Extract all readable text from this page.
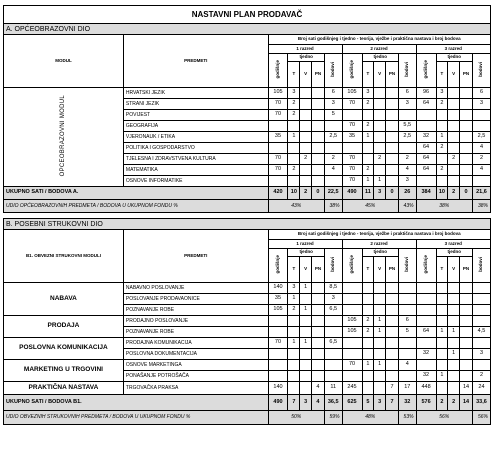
NASTAVNI PLAN PRODAVAČ																
A. OPĆEOBRAZOVNI DIO																
MODUL	PREDMETI	Broj sati godišnjeg i tjedno - teorija, vježbe i praktična nastava i broj bodova														
		1 razred					2 razred					3 razred				
		godišnje	tjedno			bodovi	godišnje	tjedno			bodovi	godišnje	tjedno			bodovi
			T	V	PN			T	V	PN			T	V	PN	
OPĆEOBRAZOVNI MODUL	HRVATSKI JEZIK	105	3			6	105	3			6	96	3			6
	STRANI JEZIK	70	2			3	70	2			3	64	2			3
	POVIJEST	70	2			5										
	GEOGRAFIJA						70	2			5,5					
	VJERONAUK / ETIKA	35	1			2,5	35	1			2,5	32	1			2,5
	POLITIKA I GOSPODARSTVO											64	2			4
	TJELESNA I ZDRAVSTVENA KULTURA	70		2		2	70		2		2	64		2		2
	MATEMATIKA	70	2			4	70	2			4	64	2			4
	OSNOVE INFORMATIKE						70	1	1		3					
UKUPNO SATI / BODOVA A.		420	10	2	0	22,5	490	11	3	0	26	384	10	2	0	21,6
UDIO OPĆEOBRAZOVNIH PREDMETA / BODOVA U UKUPNOM FONDU %		43%				38%	45%				43%	38%				38%

B. POSEBNI STRUKOVNI DIO																
B1. OBVEZNI STRUKOVNI MODULI	PREDMETI	Broj sati godišnjeg i tjedno - teorija, vježbe i praktična nastava i broj bodova														
		1 razred					2 razred					3 razred				
		godišnje	tjedno			bodovi	godišnje	tjedno			bodovi	godišnje	tjedno			bodovi
			T	V	PN			T	V	PN			T	V	PN	
NABAVA	NABAVNO POSLOVANJE	140	3	1		8,5										
	POSLOVANJE PRODAVAONICE	35	1			3										
	POZNAVANJE ROBE	105	2	1		6,5										
PRODAJA	PRODAJNO POSLOVANJE						105	2	1		6					
	POZNAVANJE ROBE						105	2	1		5	64	1	1		4,5
POSLOVNA KOMUNIKACIJA	PRODAJNA KOMUNIKACIJA	70	1	1		6,5										
	POSLOVNA DOKUMENTACIJA											32		1		3
MARKETING U TRGOVINI	OSNOVE MARKETINGA						70	1	1		4					
	PONAŠANJE POTROŠAČA											32	1			2
PRAKTIČNA NASTAVA	TRGOVAČKA PRAKSA	140			4	11	245			7	17	448			14	24
UKUPNO SATI / BODOVA B1.		490	7	3	4	36,5	625	5	3	7	32	576	2	2	14	33,6
UDIO OBVEZNIH STRUKOVNIH PREDMETA / BODOVA U UKUPNOM FONDU %		50%				59%	48%				53%	56%				56%
